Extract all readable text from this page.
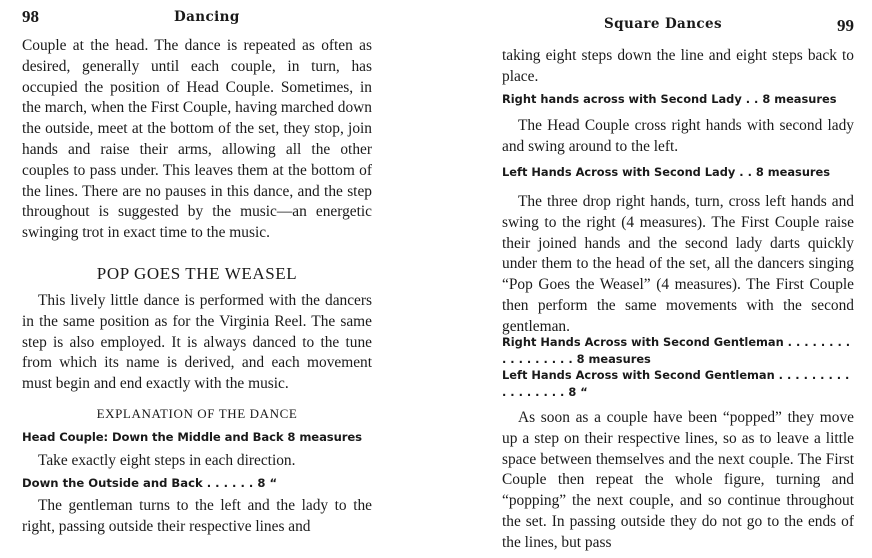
98	Dancing

Couple at the head. The dance is repeated as often as desired, generally until each couple, in turn, has occupied the position of Head Couple. Sometimes, in the march, when the First Couple, having marched down the outside, meet at the bottom of the set, they stop, join hands and raise their arms, allowing all the other couples to pass under. This leaves them at the bottom of the lines. There are no pauses in this dance, and the step throughout is suggested by the music—an energetic swinging trot in exact time to the music.

POP GOES THE WEASEL

This lively little dance is performed with the dancers in the same position as for the Virginia Reel. The same step is also employed. It is always danced to the tune from which its name is derived, and each movement must begin and end exactly with the music.

EXPLANATION OF THE DANCE
Head Couple: Down the Middle and Back 8 measures

Take exactly eight steps in each direction.

Down the Outside and Back . . . . . . 8 “

The gentleman turns to the left and the lady to the right, passing outside their respective lines and

Square Dances	99

taking eight steps down the line and eight steps back to place.

Right hands across with Second Lady . . 8 measures

The Head Couple cross right hands with second lady and swing around to the left.

Left Hands Across with Second Lady . . 8 measures

The three drop right hands, turn, cross left hands and swing to the right (4 measures). The First Couple raise their joined hands and the second lady darts quickly under them to the head of the set, all the dancers singing “Pop Goes the Weasel” (4 measures). The First Couple then perform the same movements with the second gentleman.

Right Hands Across with Second Gentleman . . . . . . . . . . . . . . . . . 8 measures
Left Hands Across with Second Gentleman . . . . . . . . . . . . . . . . . 8 “

As soon as a couple have been “popped” they move up a step on their respective lines, so as to leave a little space between themselves and the next couple. The First Couple then repeat the whole figure, turning and “popping” the next couple, and so continue throughout the set. In passing outside they do not go to the ends of the lines, but pass
